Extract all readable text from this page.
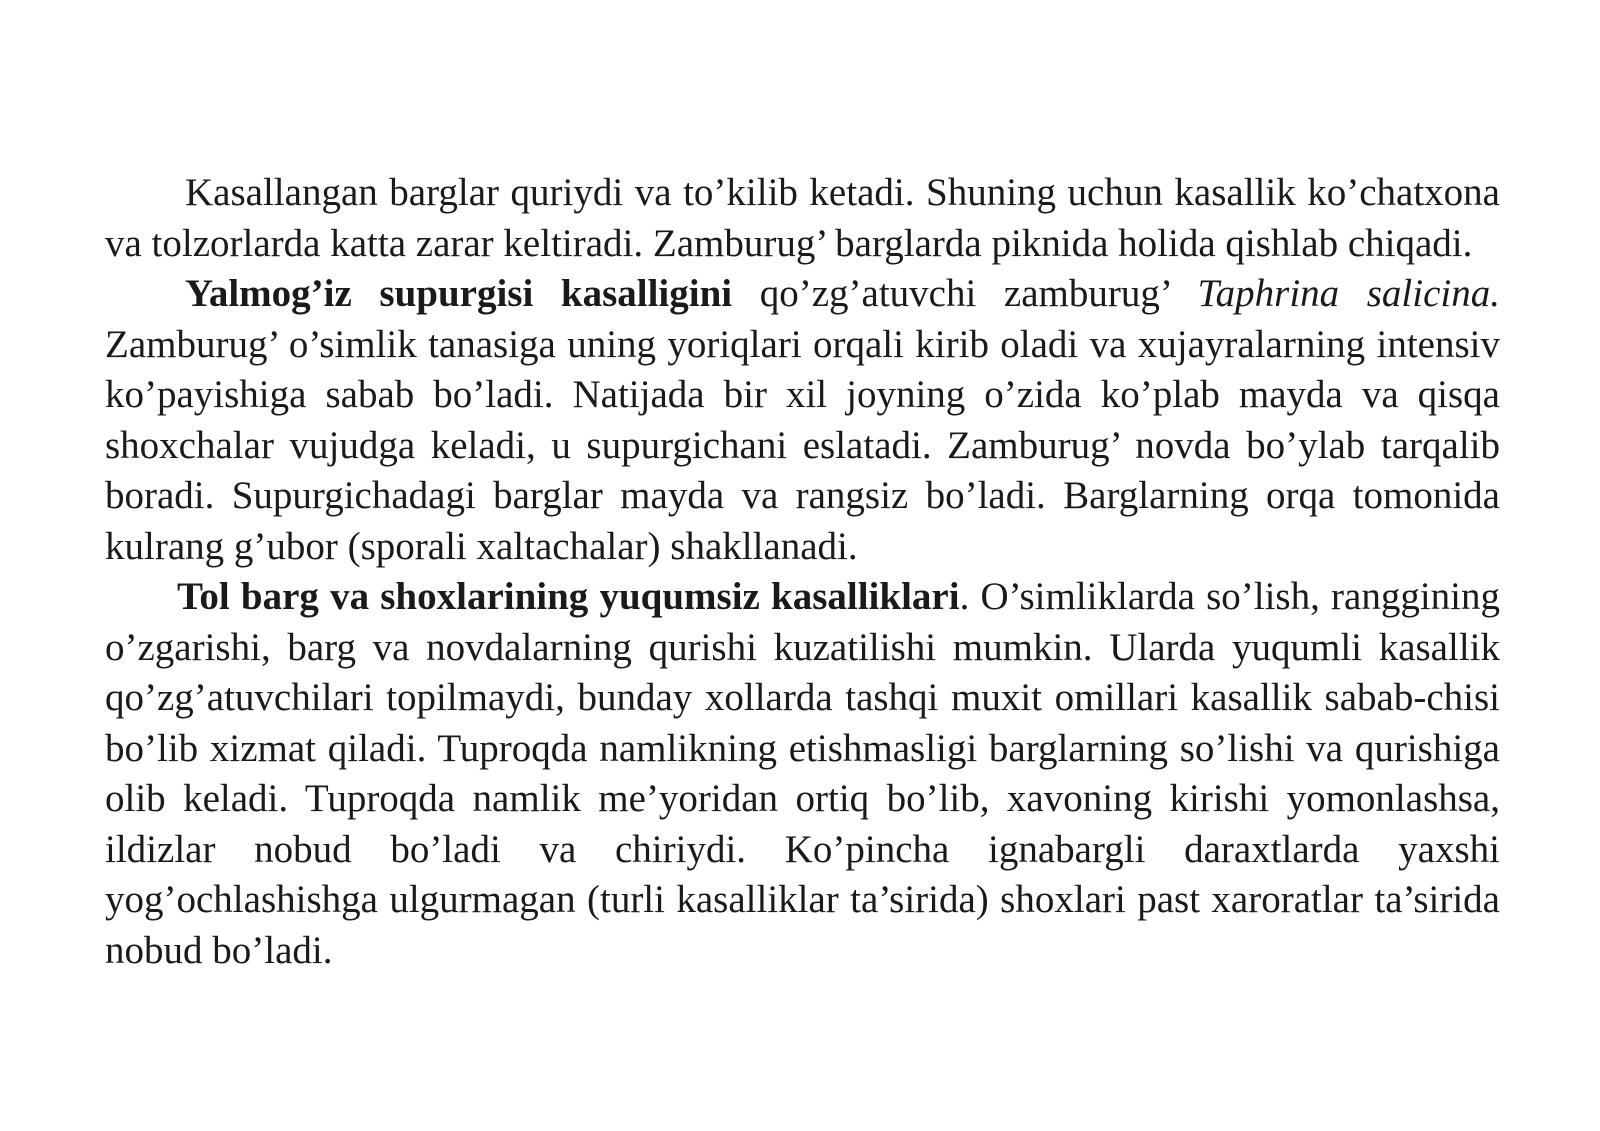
Kasallangan barglar quriydi va to’kilib ketadi. Shuning uchun kasallik ko’chatxona va tolzorlarda katta zarar keltiradi. Zamburug’ barglarda piknida holida qishlab chiqadi.

Yalmog’iz supurgisi kasalligini qo’zg’atuvchi zamburug’ Taphrina salicina. Zamburug’ o’simlik tanasiga uning yoriqlari orqali kirib oladi va xujayralarning intensiv ko’payishiga sabab bo’ladi. Natijada bir xil joyning o’zida ko’plab mayda va qisqa shoxchalar vujudga keladi, u supurgichani eslatadi. Zamburug’ novda bo’ylab tarqalib boradi. Supurgichadagi barglar mayda va rangsiz bo’ladi. Barglarning orqa tomonida kulrang g’ubor (sporali xaltachalar) shakllanadi.

Tol barg va shoxlarining yuqumsiz kasalliklari. O’simliklarda so’lish, ranggining o’zgarishi, barg va novdalarning qurishi kuzatilishi mumkin. Ularda yuqumli kasallik qo’zg’atuvchilari topilmaydi, bunday xollarda tashqi muxit omillari kasallik sabab-chisi bo’lib xizmat qiladi. Tuproqda namlikning etishmasligi barglarning so’lishi va qurishiga olib keladi. Tuproqda namlik me’yoridan ortiq bo’lib, xavoning kirishi yomonlashsa, ildizlar nobud bo’ladi va chiriydi. Ko’pincha ignabargli daraxtlarda yaxshi yog’ochlashishga ulgurmagan (turli kasalliklar ta’sirida) shoxlari past xaroratlar ta’sirida nobud bo’ladi.
